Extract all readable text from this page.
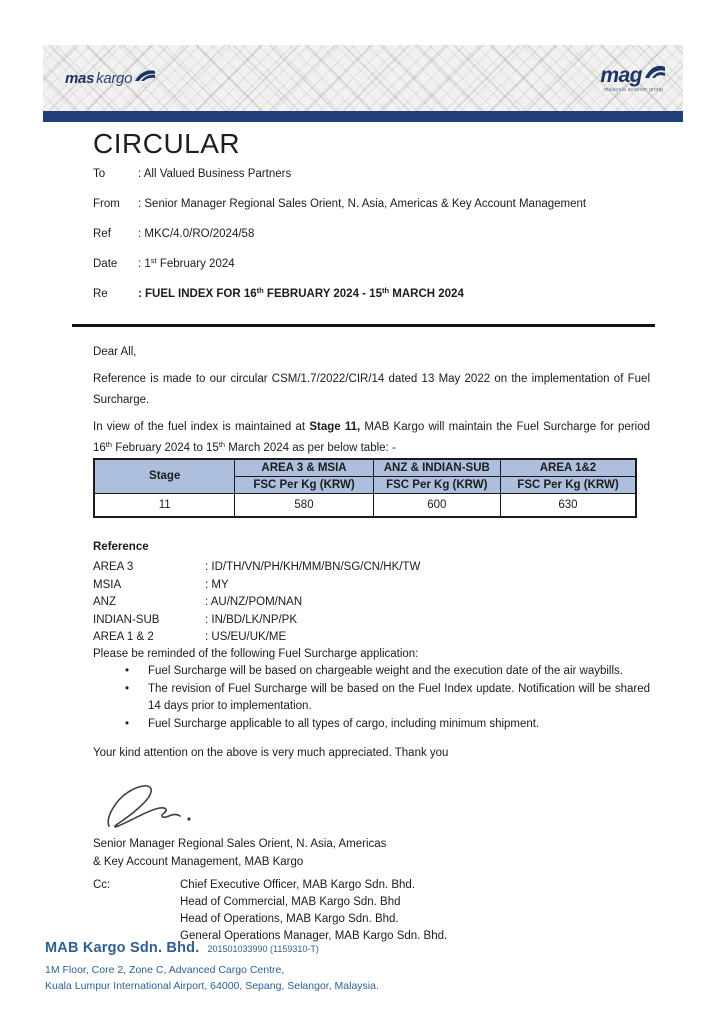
mas kargo	mag
malaysia aviation group
CIRCULAR
To	: All Valued Business Partners
From	: Senior Manager Regional Sales Orient, N. Asia, Americas & Key Account Management
Ref	: MKC/4.0/RO/2024/58
Date	: 1st February 2024
Re	: FUEL INDEX FOR 16th FEBRUARY 2024 - 15th MARCH 2024
Dear All,

Reference is made to our circular CSM/1.7/2022/CIR/14 dated 13 May 2022 on the implementation of Fuel Surcharge.

In view of the fuel index is maintained at Stage 11, MAB Kargo will maintain the Fuel Surcharge for period 16th February 2024 to 15th March 2024 as per below table: -

Stage	AREA 3 & MSIA	ANZ & INDIAN-SUB	AREA 1&2
	FSC Per Kg (KRW)	FSC Per Kg (KRW)	FSC Per Kg (KRW)
11	580	600	630
Reference
AREA 3	: ID/TH/VN/PH/KH/MM/BN/SG/CN/HK/TW
MSIA	: MY
ANZ	: AU/NZ/POM/NAN
INDIAN-SUB	: IN/BD/LK/NP/PK
AREA 1 & 2	: US/EU/UK/ME
Please be reminded of the following Fuel Surcharge application:
•	Fuel Surcharge will be based on chargeable weight and the execution date of the air waybills.
•	The revision of Fuel Surcharge will be based on the Fuel Index update. Notification will be shared 14 days prior to implementation.
•	Fuel Surcharge applicable to all types of cargo, including minimum shipment.
Your kind attention on the above is very much appreciated. Thank you
Senior Manager Regional Sales Orient, N. Asia, Americas
& Key Account Management, MAB Kargo
Cc:	Chief Executive Officer, MAB Kargo Sdn. Bhd.
Head of Commercial, MAB Kargo Sdn. Bhd
Head of Operations, MAB Kargo Sdn. Bhd.
General Operations Manager, MAB Kargo Sdn. Bhd.
MAB Kargo Sdn. Bhd. 201501033990 (1159310-T)
1M Floor, Core 2, Zone C, Advanced Cargo Centre,
Kuala Lumpur International Airport, 64000, Sepang, Selangor, Malaysia.
